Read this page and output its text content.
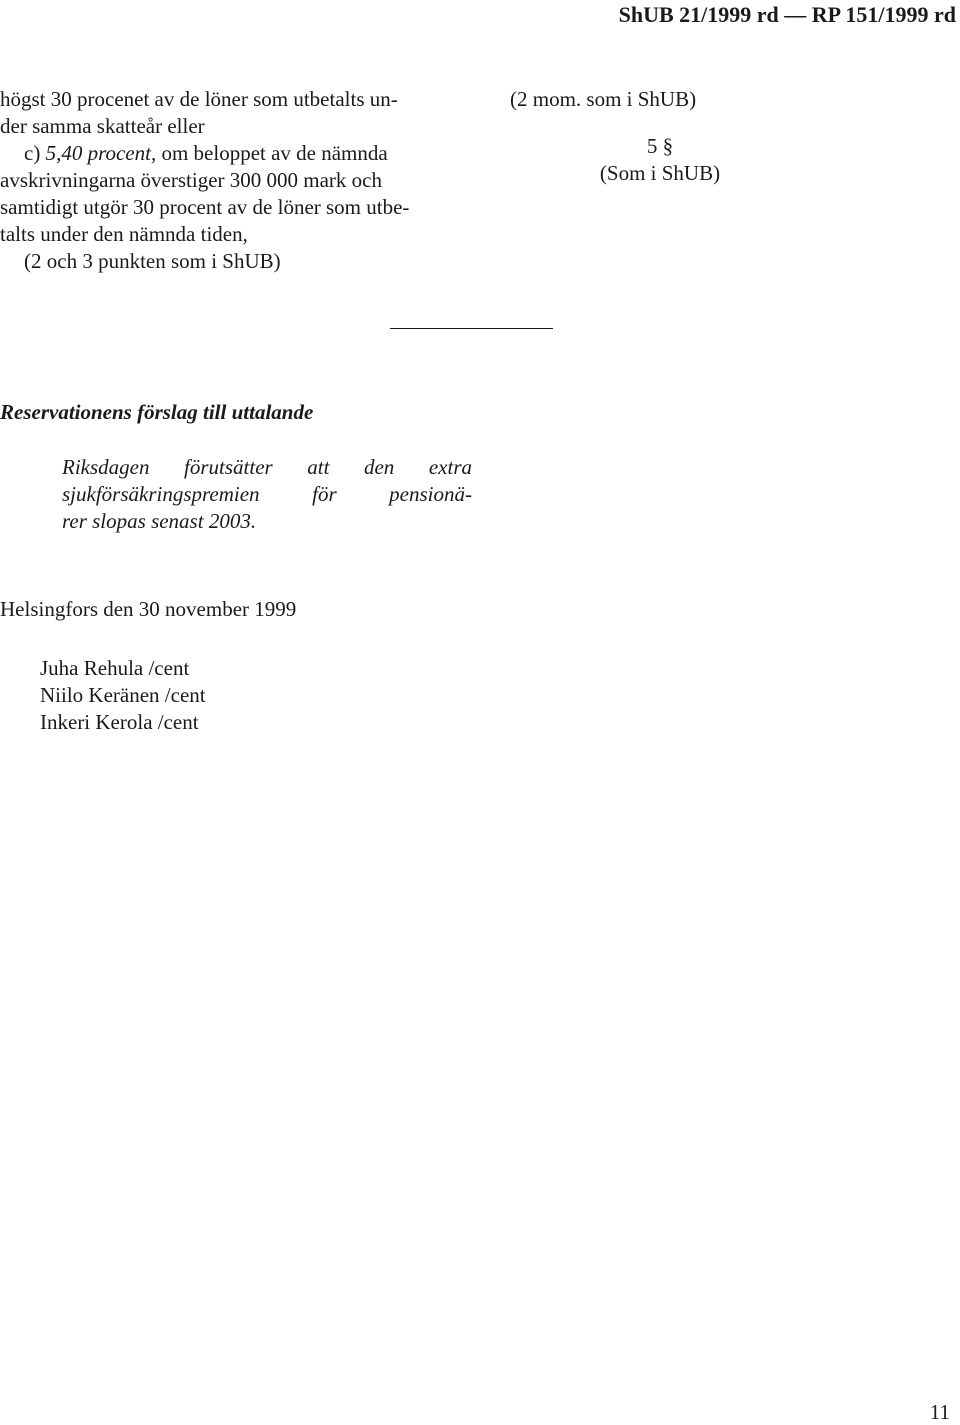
ShUB 21/1999 rd — RP 151/1999 rd
högst 30 procenet av de löner som utbetalts un-
der samma skatteår eller
c) 5,40 procent, om beloppet av de nämnda
avskrivningarna överstiger 300 000 mark och
samtidigt utgör 30 procent av de löner som utbe-
talts under den nämnda tiden,
(2 och 3 punkten som i ShUB)
(2 mom. som i ShUB)
5 §
(Som i ShUB)
Reservationens förslag till uttalande
Riksdagen förutsätter att den extra
sjukförsäkringspremien för pensionä-
rer slopas senast 2003.
Helsingfors den 30 november 1999
Juha Rehula /cent
Niilo Keränen /cent
Inkeri Kerola /cent
11
